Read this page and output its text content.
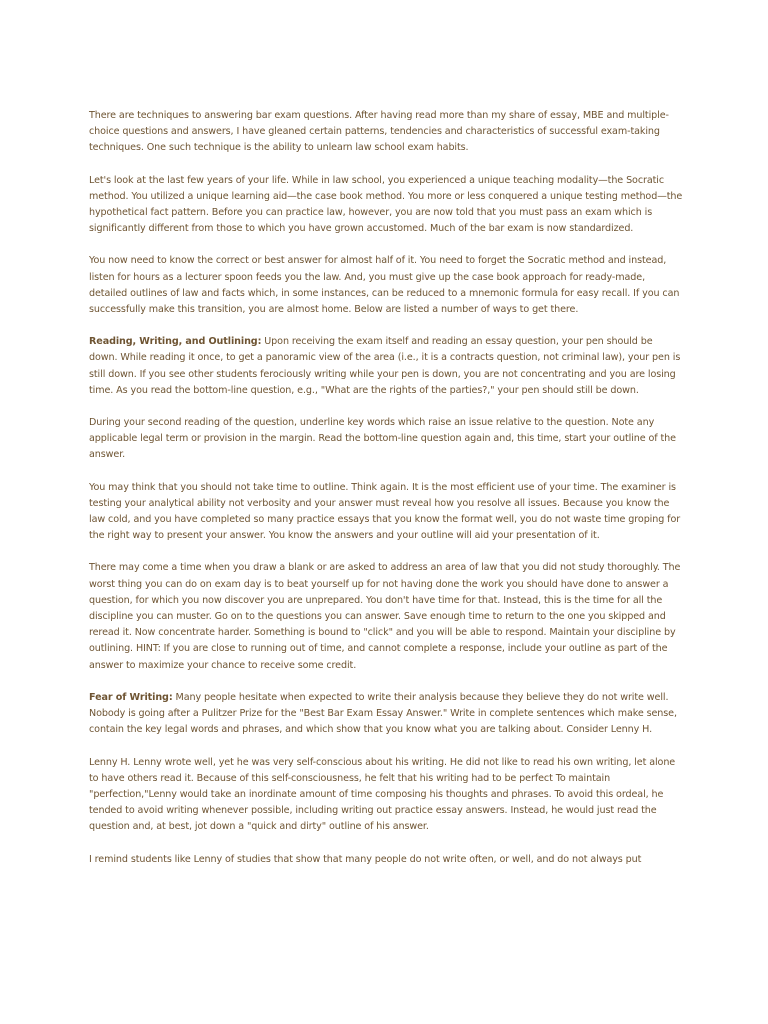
There are techniques to answering bar exam questions. After having read more than my share of essay, MBE and multiple-choice questions and answers, I have gleaned certain patterns, tendencies and characteristics of successful exam-taking techniques. One such technique is the ability to unlearn law school exam habits.

Let's look at the last few years of your life. While in law school, you experienced a unique teaching modality—the Socratic method. You utilized a unique learning aid—the case book method. You more or less conquered a unique testing method—the hypothetical fact pattern. Before you can practice law, however, you are now told that you must pass an exam which is significantly different from those to which you have grown accustomed. Much of the bar exam is now standardized.

You now need to know the correct or best answer for almost half of it. You need to forget the Socratic method and instead, listen for hours as a lecturer spoon feeds you the law. And, you must give up the case book approach for ready-made, detailed outlines of law and facts which, in some instances, can be reduced to a mnemonic formula for easy recall. If you can successfully make this transition, you are almost home. Below are listed a number of ways to get there.

Reading, Writing, and Outlining: Upon receiving the exam itself and reading an essay question, your pen should be down. While reading it once, to get a panoramic view of the area (i.e., it is a contracts question, not criminal law), your pen is still down. If you see other students ferociously writing while your pen is down, you are not concentrating and you are losing time. As you read the bottom-line question, e.g., "What are the rights of the parties?," your pen should still be down.

During your second reading of the question, underline key words which raise an issue relative to the question. Note any applicable legal term or provision in the margin. Read the bottom-line question again and, this time, start your outline of the answer.

You may think that you should not take time to outline. Think again. It is the most efficient use of your time. The examiner is testing your analytical ability not verbosity and your answer must reveal how you resolve all issues. Because you know the law cold, and you have completed so many practice essays that you know the format well, you do not waste time groping for the right way to present your answer. You know the answers and your outline will aid your presentation of it.

There may come a time when you draw a blank or are asked to address an area of law that you did not study thoroughly. The worst thing you can do on exam day is to beat yourself up for not having done the work you should have done to answer a question, for which you now discover you are unprepared. You don't have time for that. Instead, this is the time for all the discipline you can muster. Go on to the questions you can answer. Save enough time to return to the one you skipped and reread it. Now concentrate harder. Something is bound to "click" and you will be able to respond. Maintain your discipline by outlining. HINT: If you are close to running out of time, and cannot complete a response, include your outline as part of the answer to maximize your chance to receive some credit.

Fear of Writing: Many people hesitate when expected to write their analysis because they believe they do not write well. Nobody is going after a Pulitzer Prize for the "Best Bar Exam Essay Answer." Write in complete sentences which make sense, contain the key legal words and phrases, and which show that you know what you are talking about. Consider Lenny H.

Lenny H. Lenny wrote well, yet he was very self-conscious about his writing. He did not like to read his own writing, let alone to have others read it. Because of this self-consciousness, he felt that his writing had to be perfect To maintain "perfection,"Lenny would take an inordinate amount of time composing his thoughts and phrases. To avoid this ordeal, he tended to avoid writing whenever possible, including writing out practice essay answers. Instead, he would just read the question and, at best, jot down a "quick and dirty" outline of his answer.

I remind students like Lenny of studies that show that many people do not write often, or well, and do not always put
